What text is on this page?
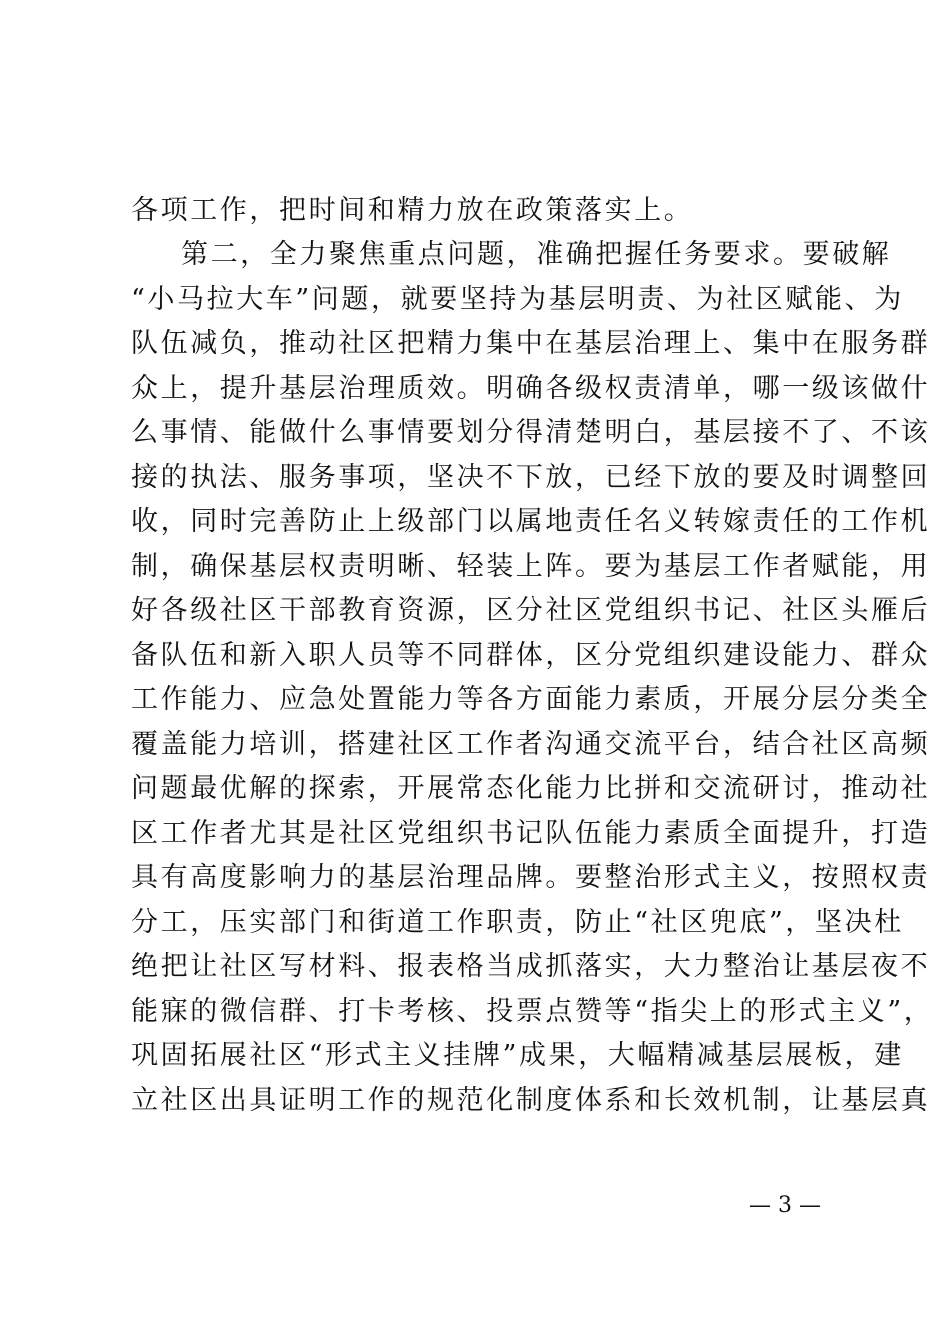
各项工作，把时间和精力放在政策落实上。
第二，全力聚焦重点问题，准确把握任务要求。要破解
“小马拉大车”问题，就要坚持为基层明责、为社区赋能、为
队伍减负，推动社区把精力集中在基层治理上、集中在服务群
众上，提升基层治理质效。明确各级权责清单，哪一级该做什
么事情、能做什么事情要划分得清楚明白，基层接不了、不该
接的执法、服务事项，坚决不下放，已经下放的要及时调整回
收，同时完善防止上级部门以属地责任名义转嫁责任的工作机
制，确保基层权责明晰、轻装上阵。要为基层工作者赋能，用
好各级社区干部教育资源，区分社区党组织书记、社区头雁后
备队伍和新入职人员等不同群体，区分党组织建设能力、群众
工作能力、应急处置能力等各方面能力素质，开展分层分类全
覆盖能力培训，搭建社区工作者沟通交流平台，结合社区高频
问题最优解的探索，开展常态化能力比拼和交流研讨，推动社
区工作者尤其是社区党组织书记队伍能力素质全面提升，打造
具有高度影响力的基层治理品牌。要整治形式主义，按照权责
分工，压实部门和街道工作职责，防止“社区兜底”，坚决杜
绝把让社区写材料、报表格当成抓落实，大力整治让基层夜不
能寐的微信群、打卡考核、投票点赞等“指尖上的形式主义”，
巩固拓展社区“形式主义挂牌”成果，大幅精减基层展板，建
立社区出具证明工作的规范化制度体系和长效机制，让基层真
— 3 —
